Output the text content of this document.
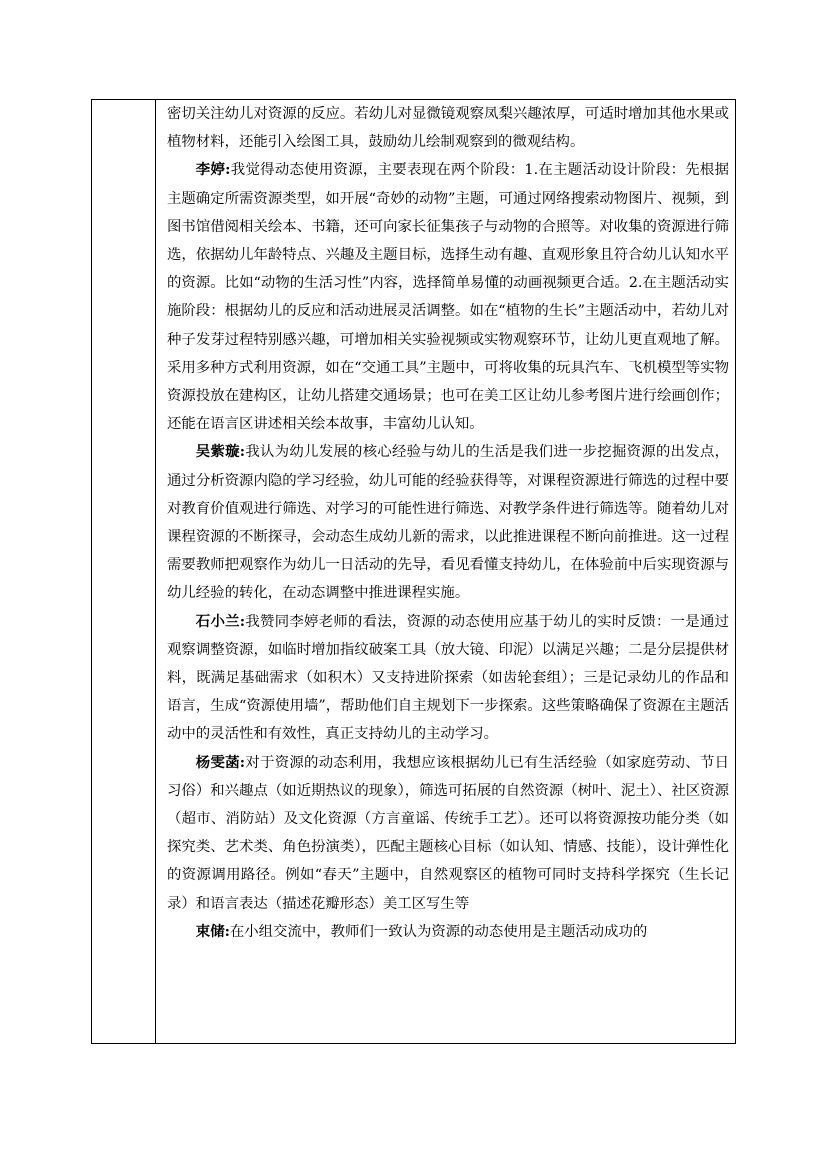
密切关注幼儿对资源的反应。若幼儿对显微镜观察凤梨兴趣浓厚，可适时增加其他水果或植物材料，还能引入绘图工具，鼓励幼儿绘制观察到的微观结构。

李婷:我觉得动态使用资源，主要表现在两个阶段：1.在主题活动设计阶段：先根据主题确定所需资源类型，如开展“奇妙的动物”主题，可通过网络搜索动物图片、视频，到图书馆借阅相关绘本、书籍，还可向家长征集孩子与动物的合照等。对收集的资源进行筛选，依据幼儿年龄特点、兴趣及主题目标，选择生动有趣、直观形象且符合幼儿认知水平的资源。比如“动物的生活习性”内容，选择简单易懂的动画视频更合适。2.在主题活动实施阶段：根据幼儿的反应和活动进展灵活调整。如在“植物的生长”主题活动中，若幼儿对种子发芽过程特别感兴趣，可增加相关实验视频或实物观察环节，让幼儿更直观地了解。采用多种方式利用资源，如在“交通工具”主题中，可将收集的玩具汽车、飞机模型等实物资源投放在建构区，让幼儿搭建交通场景；也可在美工区让幼儿参考图片进行绘画创作；还能在语言区讲述相关绘本故事，丰富幼儿认知。

吴紫璇:我认为幼儿发展的核心经验与幼儿的生活是我们进一步挖掘资源的出发点，通过分析资源内隐的学习经验，幼儿可能的经验获得等，对课程资源进行筛选的过程中要对教育价值观进行筛选、对学习的可能性进行筛选、对教学条件进行筛选等。随着幼儿对课程资源的不断探寻，会动态生成幼儿新的需求，以此推进课程不断向前推进。这一过程需要教师把观察作为幼儿一日活动的先导，看见看懂支持幼儿，在体验前中后实现资源与幼儿经验的转化，在动态调整中推进课程实施。

石小兰:我赞同李婷老师的看法，资源的动态使用应基于幼儿的实时反馈：一是通过观察调整资源，如临时增加指纹破案工具（放大镜、印泥）以满足兴趣；二是分层提供材料，既满足基础需求（如积木）又支持进阶探索（如齿轮套组）；三是记录幼儿的作品和语言，生成“资源使用墙”，帮助他们自主规划下一步探索。这些策略确保了资源在主题活动中的灵活性和有效性，真正支持幼儿的主动学习。

杨雯菡:对于资源的动态利用，我想应该根据幼儿已有生活经验（如家庭劳动、节日习俗）和兴趣点（如近期热议的现象），筛选可拓展的自然资源（树叶、泥土）、社区资源（超市、消防站）及文化资源（方言童谣、传统手工艺）。还可以将资源按功能分类（如探究类、艺术类、角色扮演类），匹配主题核心目标（如认知、情感、技能），设计弹性化的资源调用路径。例如“春天”主题中，自然观察区的植物可同时支持科学探究（生长记录）和语言表达（描述花瓣形态）美工区写生等

束储:在小组交流中，教师们一致认为资源的动态使用是主题活动成功的
